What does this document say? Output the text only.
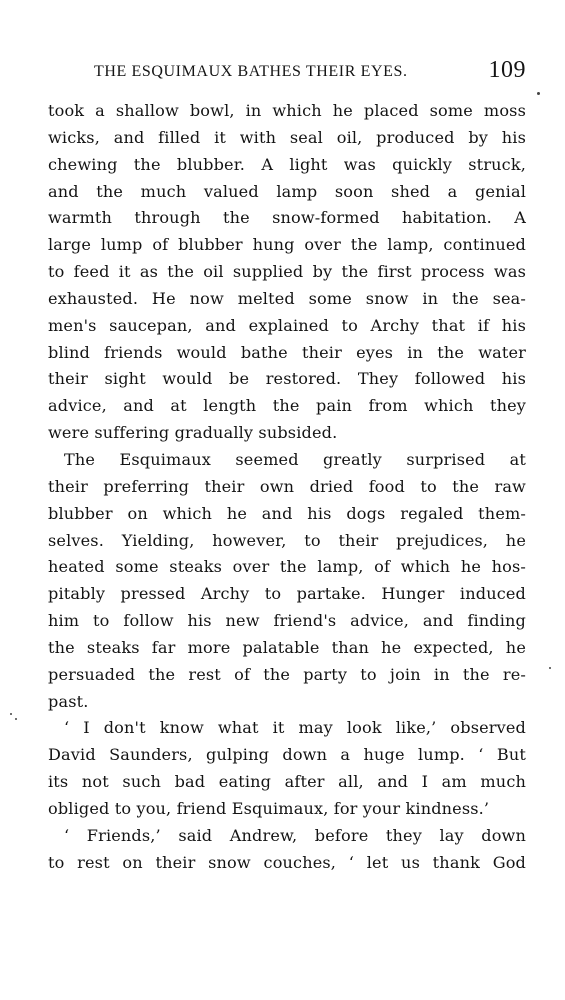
THE ESQUIMAUX BATHES THEIR EYES.	109
took a shallow bowl, in which he placed some moss
wicks, and filled it with seal oil, produced by his
chewing the blubber. A light was quickly struck,
and the much valued lamp soon shed a genial
warmth through the snow-formed habitation. A
large lump of blubber hung over the lamp, continued
to feed it as the oil supplied by the first process was
exhausted. He now melted some snow in the sea-
men's saucepan, and explained to Archy that if his
blind friends would bathe their eyes in the water
their sight would be restored. They followed his
advice, and at length the pain from which they
were suffering gradually subsided.
The Esquimaux seemed greatly surprised at
their preferring their own dried food to the raw
blubber on which he and his dogs regaled them-
selves. Yielding, however, to their prejudices, he
heated some steaks over the lamp, of which he hos-
pitably pressed Archy to partake. Hunger induced
him to follow his new friend's advice, and finding
the steaks far more palatable than he expected, he
persuaded the rest of the party to join in the re-
past.
‘ I don't know what it may look like,’ observed
David Saunders, gulping down a huge lump. ‘ But
its not such bad eating after all, and I am much
obliged to you, friend Esquimaux, for your kindness.’
‘ Friends,’ said Andrew, before they lay down
to rest on their snow couches, ‘ let us thank God
